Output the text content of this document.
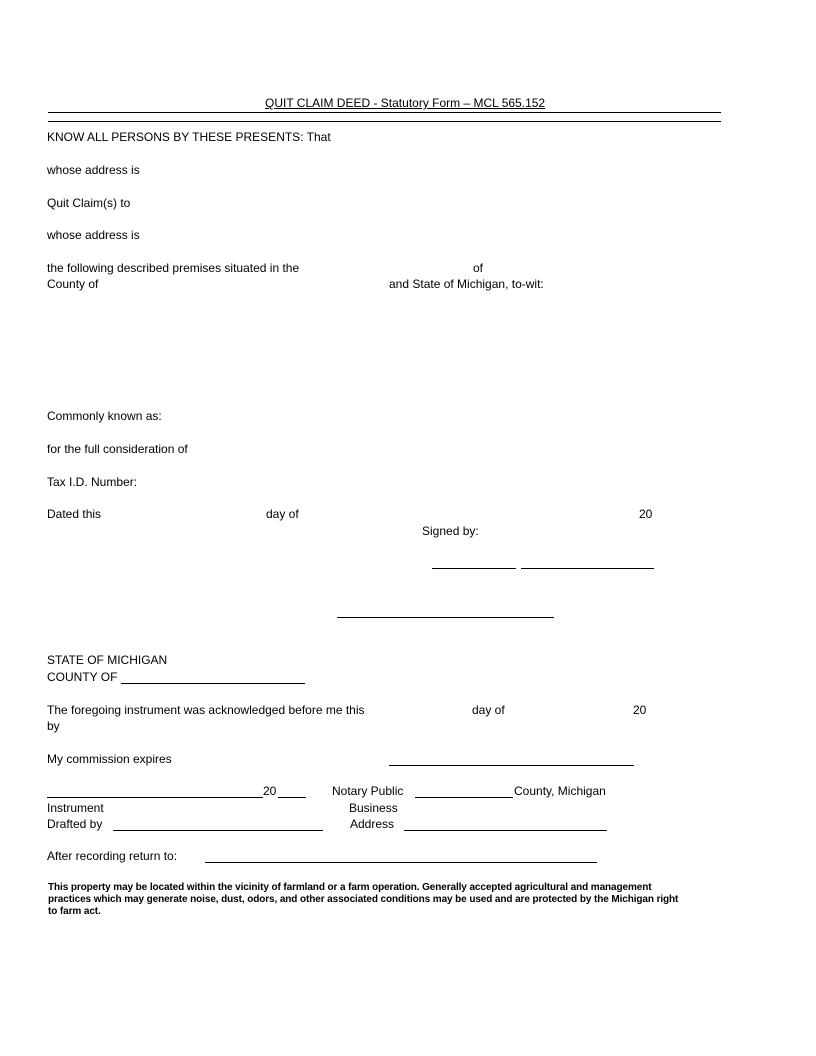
QUIT CLAIM DEED - Statutory Form – MCL 565.152
KNOW ALL PERSONS BY THESE PRESENTS: That
whose address is
Quit Claim(s) to
whose address is
the following described premises situated in the	of
County of	and State of Michigan, to-wit:
Commonly known as:
for the full consideration of
Tax I.D. Number:
Dated this	day of	20
Signed by:
STATE OF MICHIGAN
COUNTY OF
The foregoing instrument was acknowledged before me this	day of	20
by
My commission expires
20	Notary Public	County, Michigan
Instrument	Business
Drafted by	Address
After recording return to:
This property may be located within the vicinity of farmland or a farm operation. Generally accepted agricultural and management practices which may generate noise, dust, odors, and other associated conditions may be used and are protected by the Michigan right to farm act.
